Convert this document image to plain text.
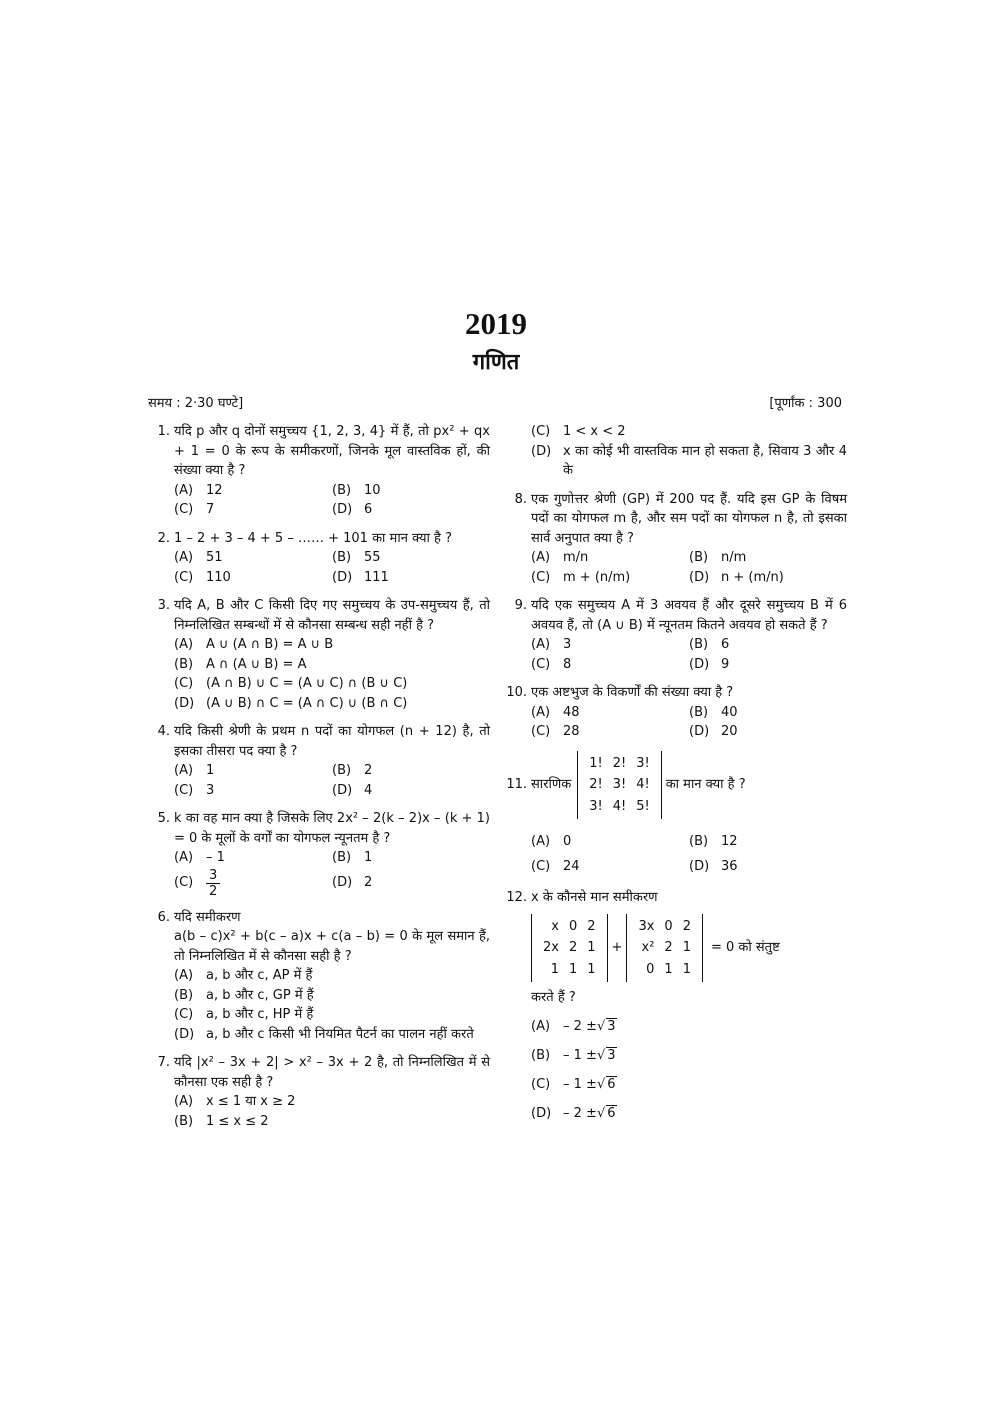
2019
गणित
समय : 2·30 घण्टे]	[पूर्णांक : 300
1. यदि p और q दोनों समुच्चय {1, 2, 3, 4} में हैं, तो px² + qx + 1 = 0 के रूप के समीकरणों, जिनके मूल वास्तविक हों, की संख्या क्या है ?
(A) 12	(B) 10
(C) 7	(D) 6
2. 1 – 2 + 3 – 4 + 5 – …… + 101 का मान क्या है ?
(A) 51	(B) 55
(C) 110	(D) 111
3. यदि A, B और C किसी दिए गए समुच्चय के उप-समुच्चय हैं, तो निम्नलिखित सम्बन्धों में से कौनसा सम्बन्ध सही नहीं है ?
(A) A ∪ (A ∩ B) = A ∪ B
(B) A ∩ (A ∪ B) = A
(C) (A ∩ B) ∪ C = (A ∪ C) ∩ (B ∪ C)
(D) (A ∪ B) ∩ C = (A ∩ C) ∪ (B ∩ C)
4. यदि किसी श्रेणी के प्रथम n पदों का योगफल (n + 12) है, तो इसका तीसरा पद क्या है ?
(A) 1	(B) 2
(C) 3	(D) 4
5. k का वह मान क्या है जिसके लिए 2x² – 2(k – 2)x – (k + 1) = 0 के मूलों के वर्गों का योगफल न्यूनतम है ?
(A) – 1	(B) 1
$(C) \frac{3}{2}$	(D) 2
6. यदि समीकरण
a(b – c)x² + b(c – a)x + c(a – b) = 0 के मूल समान हैं, तो निम्नलिखित में से कौनसा सही है ?
(A) a, b और c, AP में हैं
(B) a, b और c, GP में हैं
(C) a, b और c, HP में हैं
(D) a, b और c किसी भी नियमित पैटर्न का पालन नहीं करते
7. यदि |x² – 3x + 2| > x² – 3x + 2 है, तो निम्नलिखित में से कौनसा एक सही है ?
(A) x ≤ 1 या x ≥ 2
(B) 1 ≤ x ≤ 2
(C) 1 < x < 2
(D) x का कोई भी वास्तविक मान हो सकता है, सिवाय 3 और 4 के
8. एक गुणोत्तर श्रेणी (GP) में 200 पद हैं. यदि इस GP के विषम पदों का योगफल m है, और सम पदों का योगफल n है, तो इसका सार्व अनुपात क्या है ?
(A) m/n	(B) n/m
(C) m + (n/m)	(D) n + (m/n)
9. यदि एक समुच्चय A में 3 अवयव हैं और दूसरे समुच्चय B में 6 अवयव हैं, तो (A ∪ B) में न्यूनतम कितने अवयव हो सकते हैं ?
(A) 3	(B) 6
(C) 8	(D) 9
10. एक अष्टभुज के विकर्णों की संख्या क्या है ?
(A) 48	(B) 40
(C) 28	(D) 20
11. सारणिक
1!	2!	3!
2!	3!	4!
3!	4!	5!
का मान क्या है ?
(A) 0	(B) 12
(C) 24	(D) 36
12. x के कौनसे मान समीकरण
x	0	2
2x	2	1
1	1	1
+
3x	0	2
x²	2	1
0	1	1
= 0 को संतुष्ट
करते हैं ?
(A) – 2 ±√ 3
(B) – 1 ±√ 3
(C) – 1 ±√ 6
(D) – 2 ±√ 6
